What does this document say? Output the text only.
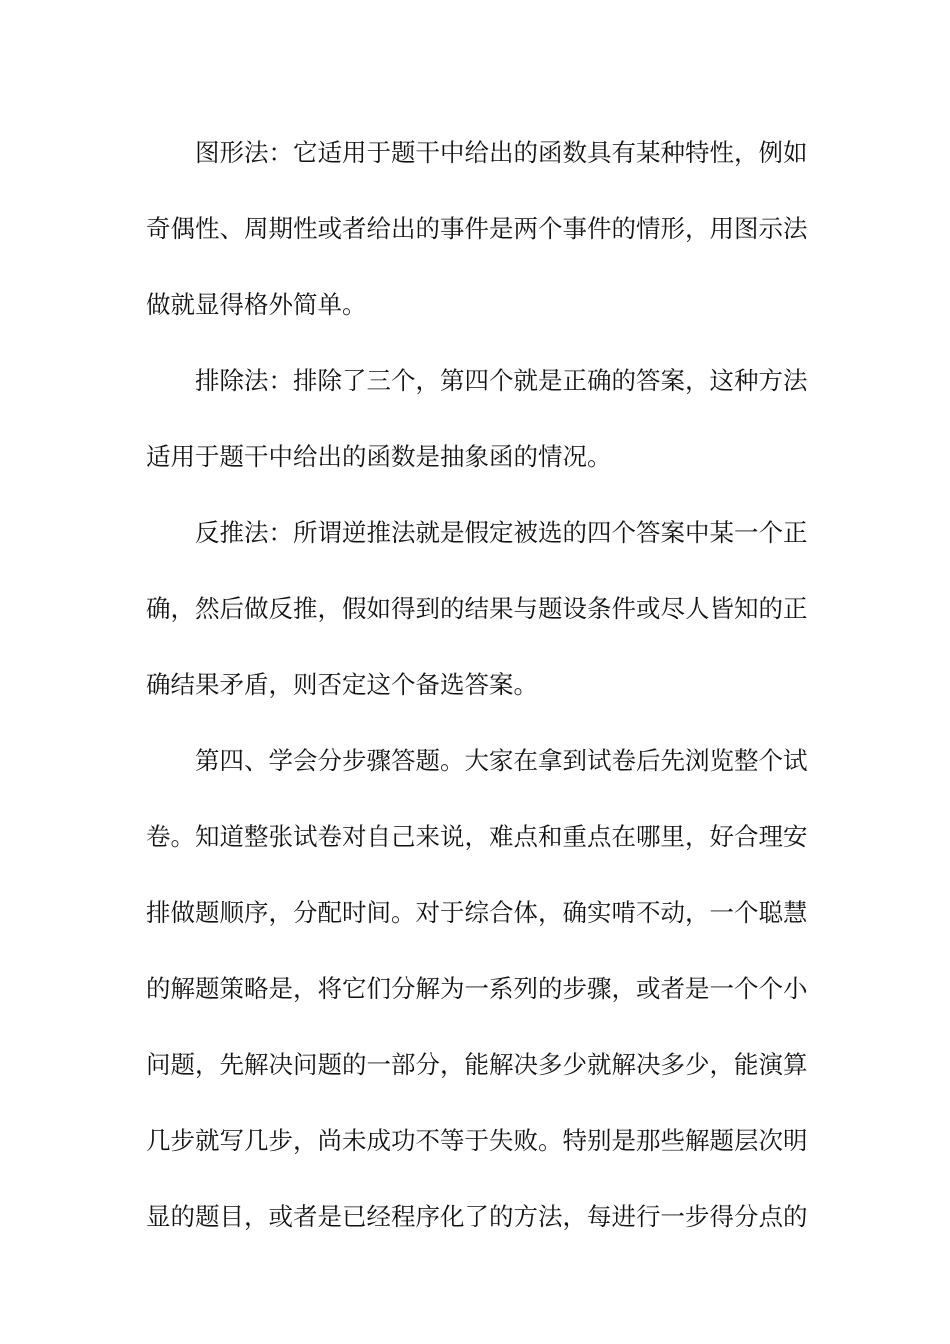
图形法：它适用于题干中给出的函数具有某种特性，例如
奇偶性、周期性或者给出的事件是两个事件的情形，用图示法
做就显得格外简单。
排除法：排除了三个，第四个就是正确的答案，这种方法
适用于题干中给出的函数是抽象函的情况。
反推法：所谓逆推法就是假定被选的四个答案中某一个正
确，然后做反推，假如得到的结果与题设条件或尽人皆知的正
确结果矛盾，则否定这个备选答案。
第四、学会分步骤答题。大家在拿到试卷后先浏览整个试
卷。知道整张试卷对自己来说，难点和重点在哪里，好合理安
排做题顺序，分配时间。对于综合体，确实啃不动，一个聪慧
的解题策略是，将它们分解为一系列的步骤，或者是一个个小
问题，先解决问题的一部分，能解决多少就解决多少，能演算
几步就写几步，尚未成功不等于失败。特别是那些解题层次明
显的题目，或者是已经程序化了的方法，每进行一步得分点的
